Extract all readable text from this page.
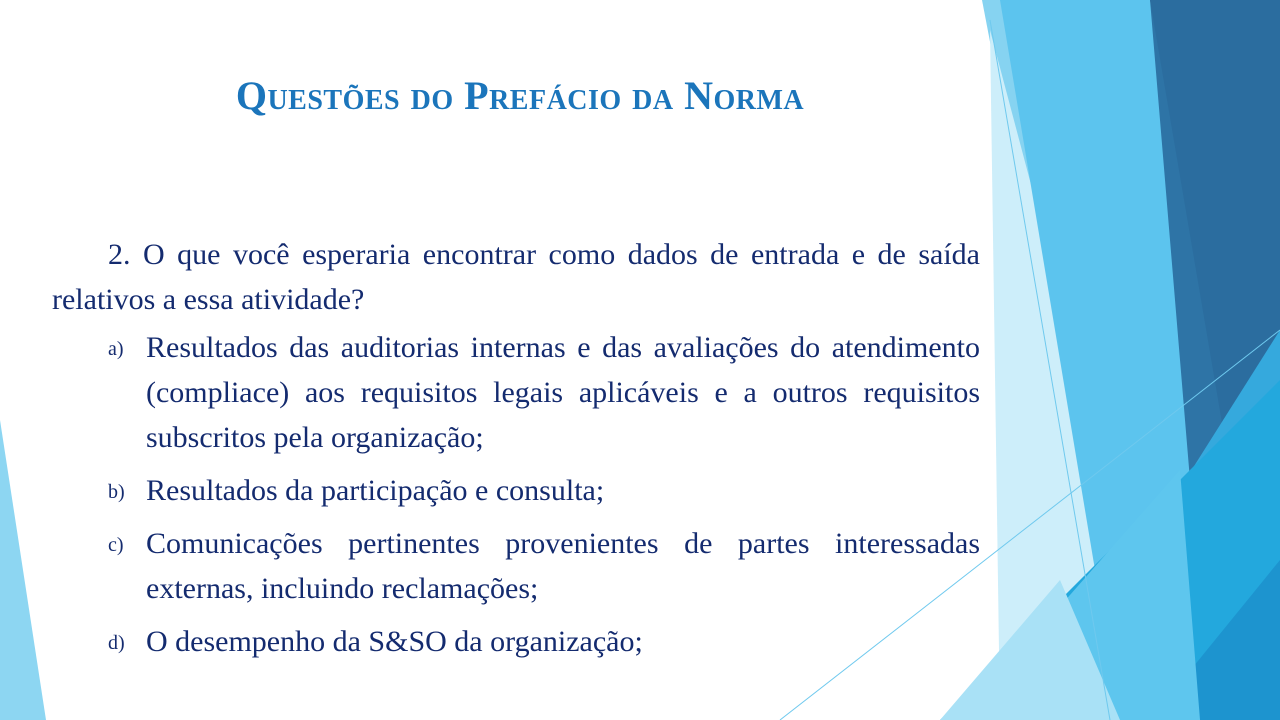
Questões do Prefácio da Norma

2. O que você esperaria encontrar como dados de entrada e de saída relativos a essa atividade?

a) Resultados das auditorias internas e das avaliações do atendimento (compliace) aos requisitos legais aplicáveis e a outros requisitos subscritos pela organização;
b) Resultados da participação e consulta;
c) Comunicações pertinentes provenientes de partes interessadas externas, incluindo reclamações;
d) O desempenho da S&SO da organização;
